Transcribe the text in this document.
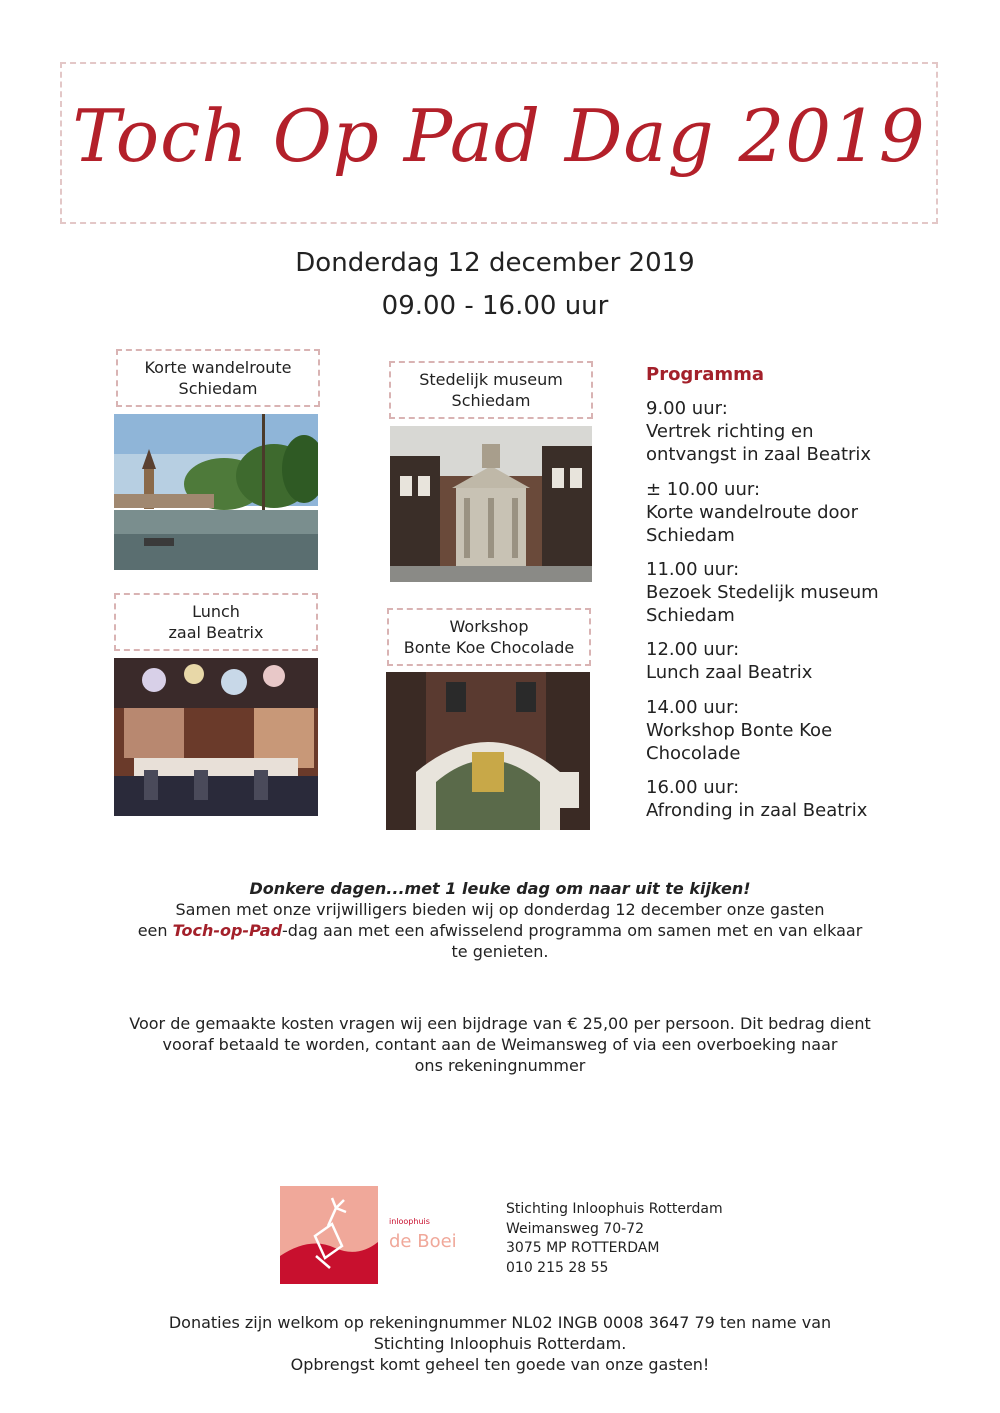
Toch Op Pad Dag 2019
Donderdag 12 december 2019
09.00 - 16.00 uur
Korte wandelroute
Schiedam	Stedelijk museum
Schiedam
Lunch
zaal Beatrix	Workshop
Bonte Koe Chocolade
Programma
9.00 uur:
Vertrek richting en
ontvangst in zaal Beatrix
± 10.00 uur:
Korte wandelroute door
Schiedam
11.00 uur:
Bezoek Stedelijk museum
Schiedam
12.00 uur:
Lunch zaal Beatrix
14.00 uur:
Workshop Bonte Koe
Chocolade
16.00 uur:
Afronding in zaal Beatrix
Donkere dagen...met 1 leuke dag om naar uit te kijken!
Samen met onze vrijwilligers bieden wij op donderdag 12 december onze gasten
een Toch-op-Pad-dag aan met een afwisselend programma om samen met en van elkaar
te genieten.
Voor de gemaakte kosten vragen wij een bijdrage van € 25,00 per persoon. Dit bedrag dient
vooraf betaald te worden, contant aan de Weimansweg of via een overboeking naar
ons rekeningnummer
inloophuis
de Boei
Stichting Inloophuis Rotterdam
Weimansweg 70-72
3075 MP ROTTERDAM
010 215 28 55
Donaties zijn welkom op rekeningnummer NL02 INGB 0008 3647 79 ten name van
Stichting Inloophuis Rotterdam.
Opbrengst komt geheel ten goede van onze gasten!
